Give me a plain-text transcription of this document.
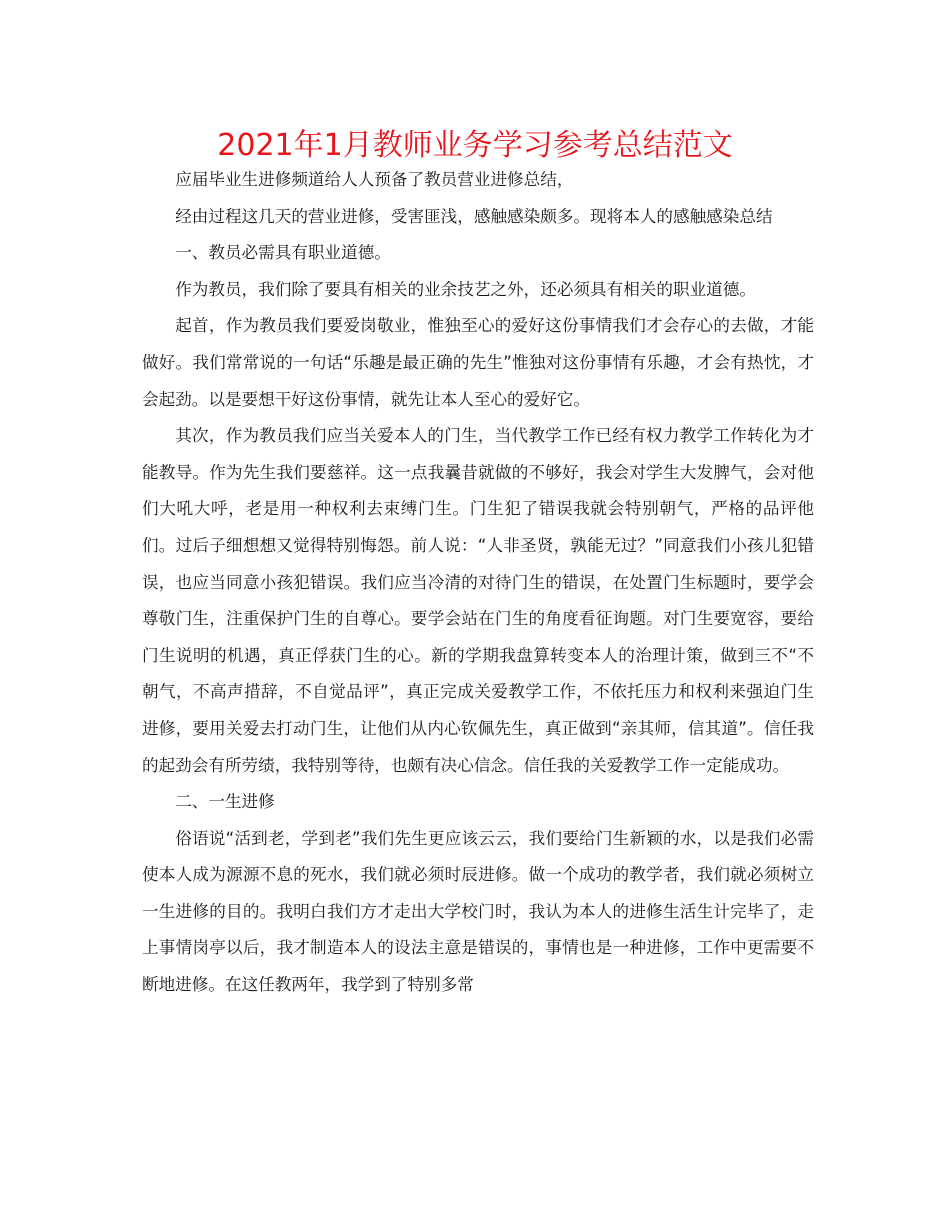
2021年1月教师业务学习参考总结范文

应届毕业生进修频道给人人预备了教员营业进修总结，

经由过程这几天的营业进修，受害匪浅，感触感染颇多。现将本人的感触感染总结

一、教员必需具有职业道德。

作为教员，我们除了要具有相关的业余技艺之外，还必须具有相关的职业道德。

起首，作为教员我们要爱岗敬业，惟独至心的爱好这份事情我们才会存心的去做，才能做好。我们常常说的一句话“乐趣是最正确的先生”惟独对这份事情有乐趣，才会有热忱，才会起劲。以是要想干好这份事情，就先让本人至心的爱好它。

其次，作为教员我们应当关爱本人的门生，当代教学工作已经有权力教学工作转化为才能教导。作为先生我们要慈祥。这一点我曩昔就做的不够好，我会对学生大发脾气，会对他们大吼大呼，老是用一种权利去束缚门生。门生犯了错误我就会特别朝气，严格的品评他们。过后子细想想又觉得特别悔怨。前人说：“人非圣贤，孰能无过？”同意我们小孩儿犯错误，也应当同意小孩犯错误。我们应当冷清的对待门生的错误，在处置门生标题时，要学会尊敬门生，注重保护门生的自尊心。要学会站在门生的角度看征询题。对门生要宽容，要给门生说明的机遇，真正俘获门生的心。新的学期我盘算转变本人的治理计策，做到三不“不朝气，不高声措辞，不自觉品评”，真正完成关爱教学工作，不依托压力和权利来强迫门生进修，要用关爱去打动门生，让他们从内心钦佩先生，真正做到“亲其师，信其道”。信任我的起劲会有所劳绩，我特别等待，也颇有决心信念。信任我的关爱教学工作一定能成功。

二、一生进修

俗语说“活到老，学到老”我们先生更应该云云，我们要给门生新颖的水，以是我们必需使本人成为源源不息的死水，我们就必须时辰进修。做一个成功的教学者，我们就必须树立一生进修的目的。我明白我们方才走出大学校门时，我认为本人的进修生活生计完毕了，走上事情岗亭以后，我才制造本人的设法主意是错误的，事情也是一种进修，工作中更需要不断地进修。在这任教两年，我学到了特别多常
